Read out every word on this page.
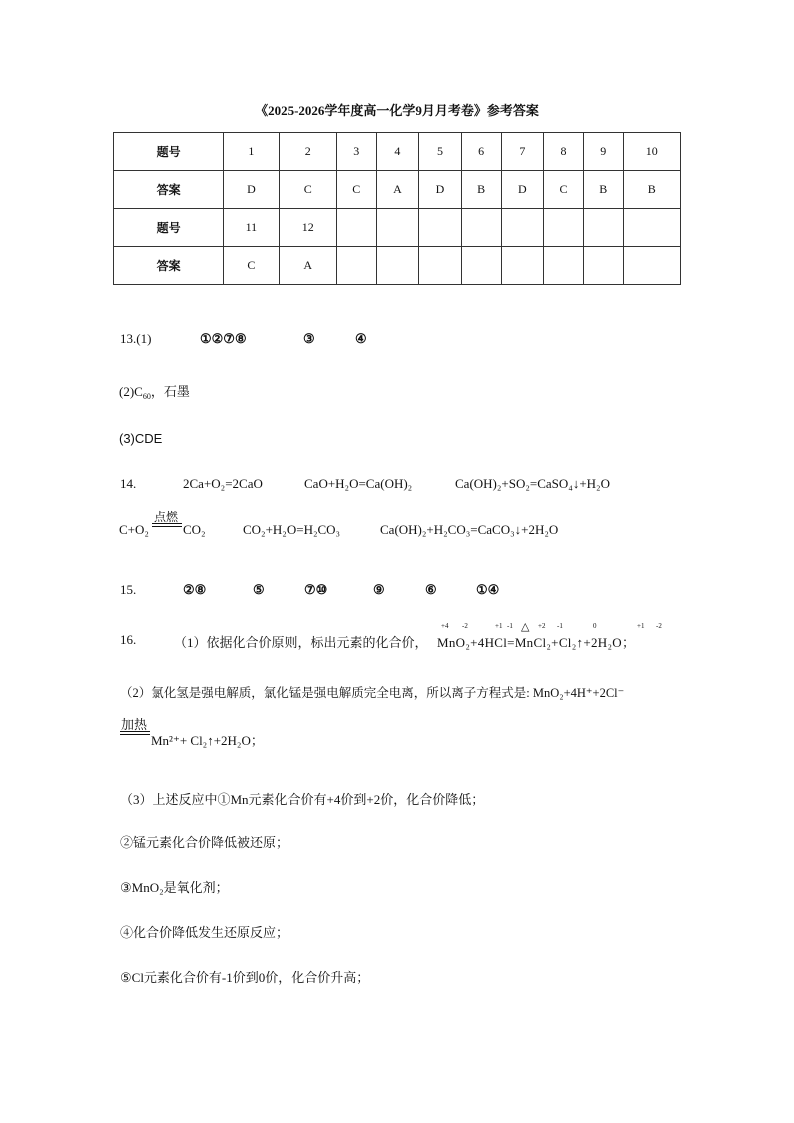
《2025-2026学年度高一化学9月月考卷》参考答案
题号	1	2	3	4	5	6	7	8	9	10
答案	D	C	C	A	D	B	D	C	B	B
题号	11	12								
答案	C	A								
13.(1)	①②⑦⑧	③	④
$(2)C_{60}$，石墨
(3)CDE
14.	2Ca+O₂=2CaO	CaO+H₂O=Ca(OH)₂	Ca(OH)₂+SO₂=CaSO₄↓+H₂O
C+O₂
点燃
CO₂	CO₂+H₂O=H₂CO₃	Ca(OH)₂+H₂CO₃=CaCO₃↓+2H₂O
15.	②⑧	⑤	⑦⑩	⑨	⑥	①④
16.	（1）依据化合价原则，标出元素的化合价， MnO₂+4HCl=MnCl₂+Cl₂↑+2H₂O；
+4 -2	+1 -1 △ +2 -1	0	+1 -2
（2）氯化氢是强电解质，氯化锰是强电解质完全电离，所以离子方程式是: MnO₂+4H⁺+2Cl⁻
加热
Mn²⁺+ Cl₂↑+2H₂O；
（3）上述反应中①Mn元素化合价有+4价到+2价，化合价降低；
②锰元素化合价降低被还原；
③MnO₂是氧化剂；
④化合价降低发生还原反应；
⑤Cl元素化合价有-1价到0价，化合价升高；
